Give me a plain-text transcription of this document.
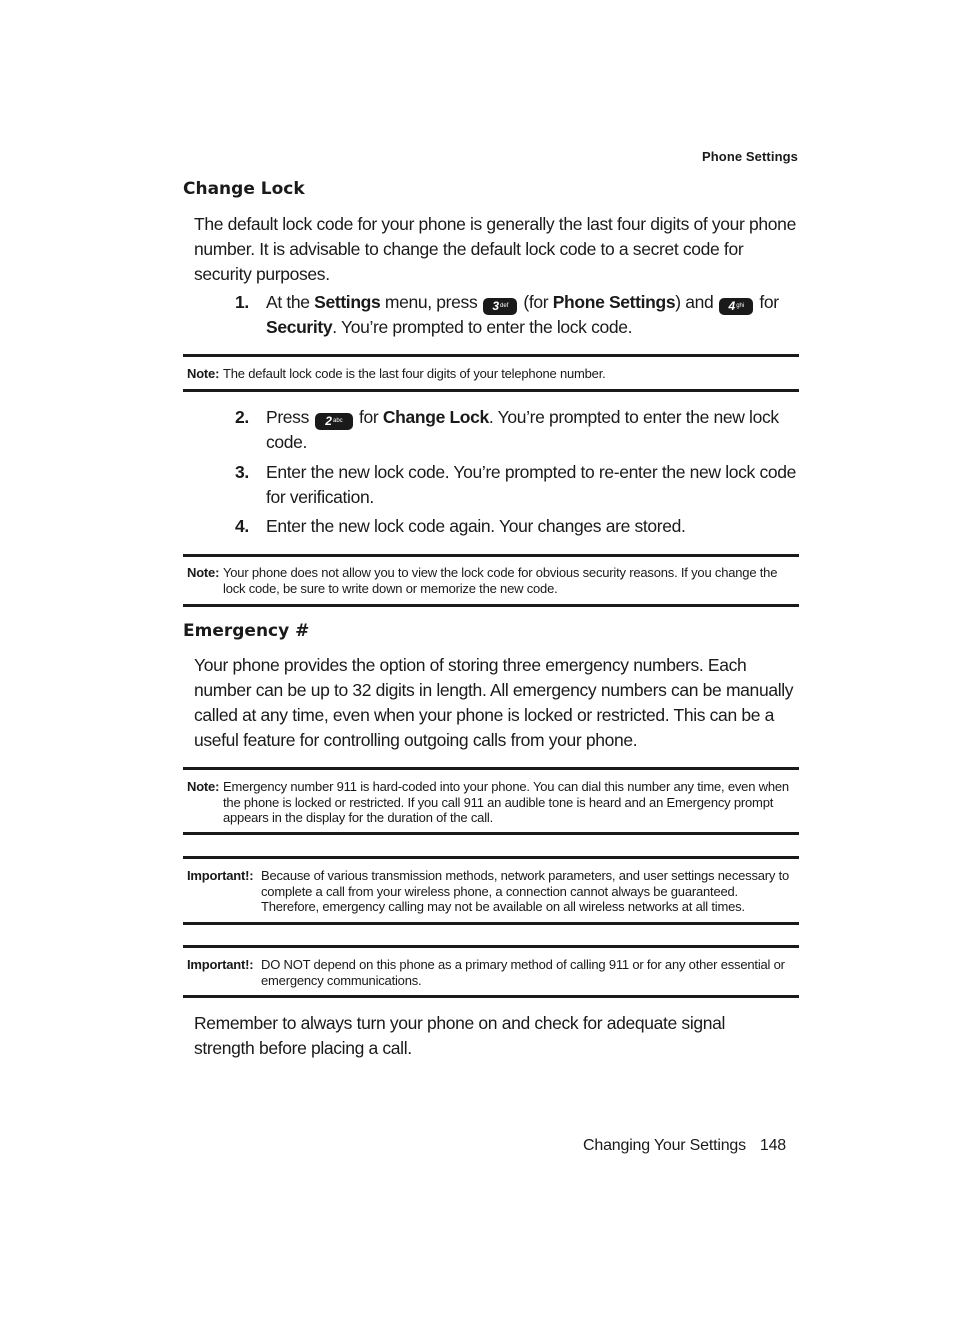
Phone Settings
Change Lock
The default lock code for your phone is generally the last four digits of your phone number. It is advisable to change the default lock code to a secret code for security purposes.
1. At the Settings menu, press $3^{def}$ (for Phone Settings) and $4^{ghi}$ for
Security. You’re prompted to enter the lock code.
Note: The default lock code is the last four digits of your telephone number.
2. Press $2^{abc}$ for Change Lock. You’re prompted to enter the new lock code.
3. Enter the new lock code. You’re prompted to re-enter the new lock code for verification.
4. Enter the new lock code again. Your changes are stored.
Note: Your phone does not allow you to view the lock code for obvious security reasons. If you change the lock code, be sure to write down or memorize the new code.
Emergency #
Your phone provides the option of storing three emergency numbers. Each number can be up to 32 digits in length. All emergency numbers can be manually called at any time, even when your phone is locked or restricted. This can be a useful feature for controlling outgoing calls from your phone.
Note: Emergency number 911 is hard-coded into your phone. You can dial this number any time, even when the phone is locked or restricted. If you call 911 an audible tone is heard and an Emergency prompt appears in the display for the duration of the call.
Important!: Because of various transmission methods, network parameters, and user settings necessary to complete a call from your wireless phone, a connection cannot always be guaranteed. Therefore, emergency calling may not be available on all wireless networks at all times.
Important!: DO NOT depend on this phone as a primary method of calling 911 or for any other essential or emergency communications.
Remember to always turn your phone on and check for adequate signal strength before placing a call.
Changing Your Settings 148
